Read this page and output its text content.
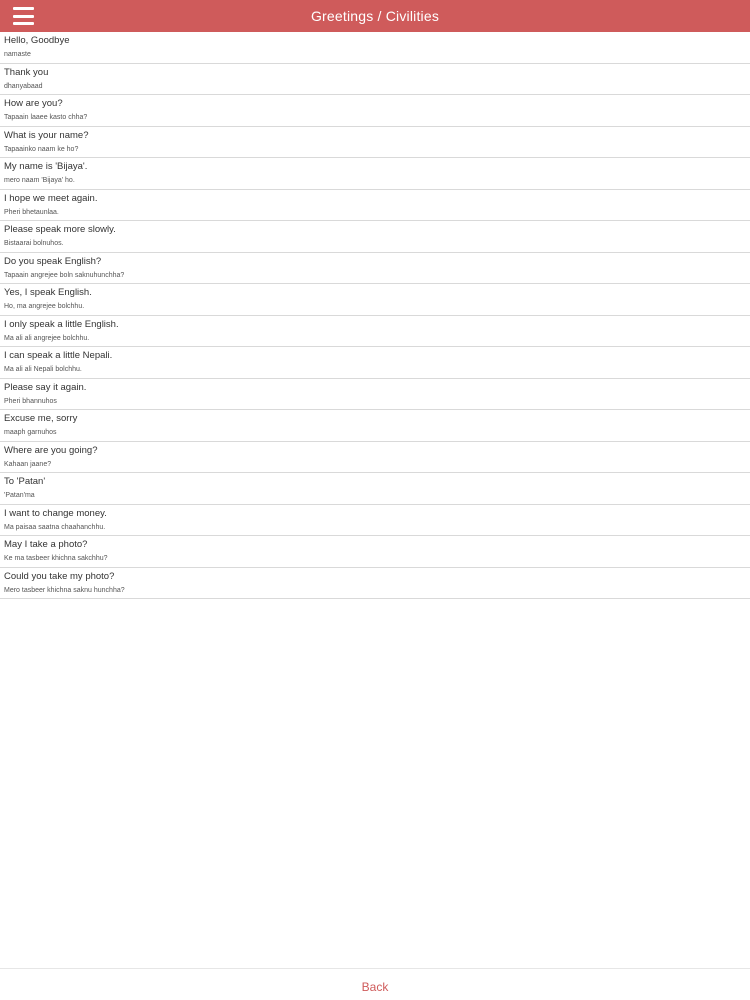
Greetings / Civilities
Hello, Goodbye
namaste
Thank you
dhanyabaad
How are you?
Tapaain laaee kasto chha?
What is your name?
Tapaainko naam ke ho?
My name is 'Bijaya'.
mero naam 'Bijaya' ho.
I hope we meet again.
Pheri bhetaunlaa.
Please speak more slowly.
Bistaarai bolnuhos.
Do you speak English?
Tapaain angrejee boln saknuhunchha?
Yes, I speak English.
Ho, ma angrejee bolchhu.
I only speak a little English.
Ma ali ali angrejee bolchhu.
I can speak a little Nepali.
Ma ali ali Nepali bolchhu.
Please say it again.
Pheri bhannuhos
Excuse me, sorry
maaph garnuhos
Where are you going?
Kahaan jaane?
To 'Patan'
'Patan'ma
I want to change money.
Ma paisaa saatna chaahanchhu.
May I take a photo?
Ke ma tasbeer khichna sakchhu?
Could you take my photo?
Mero tasbeer khichna saknu hunchha?
Back
